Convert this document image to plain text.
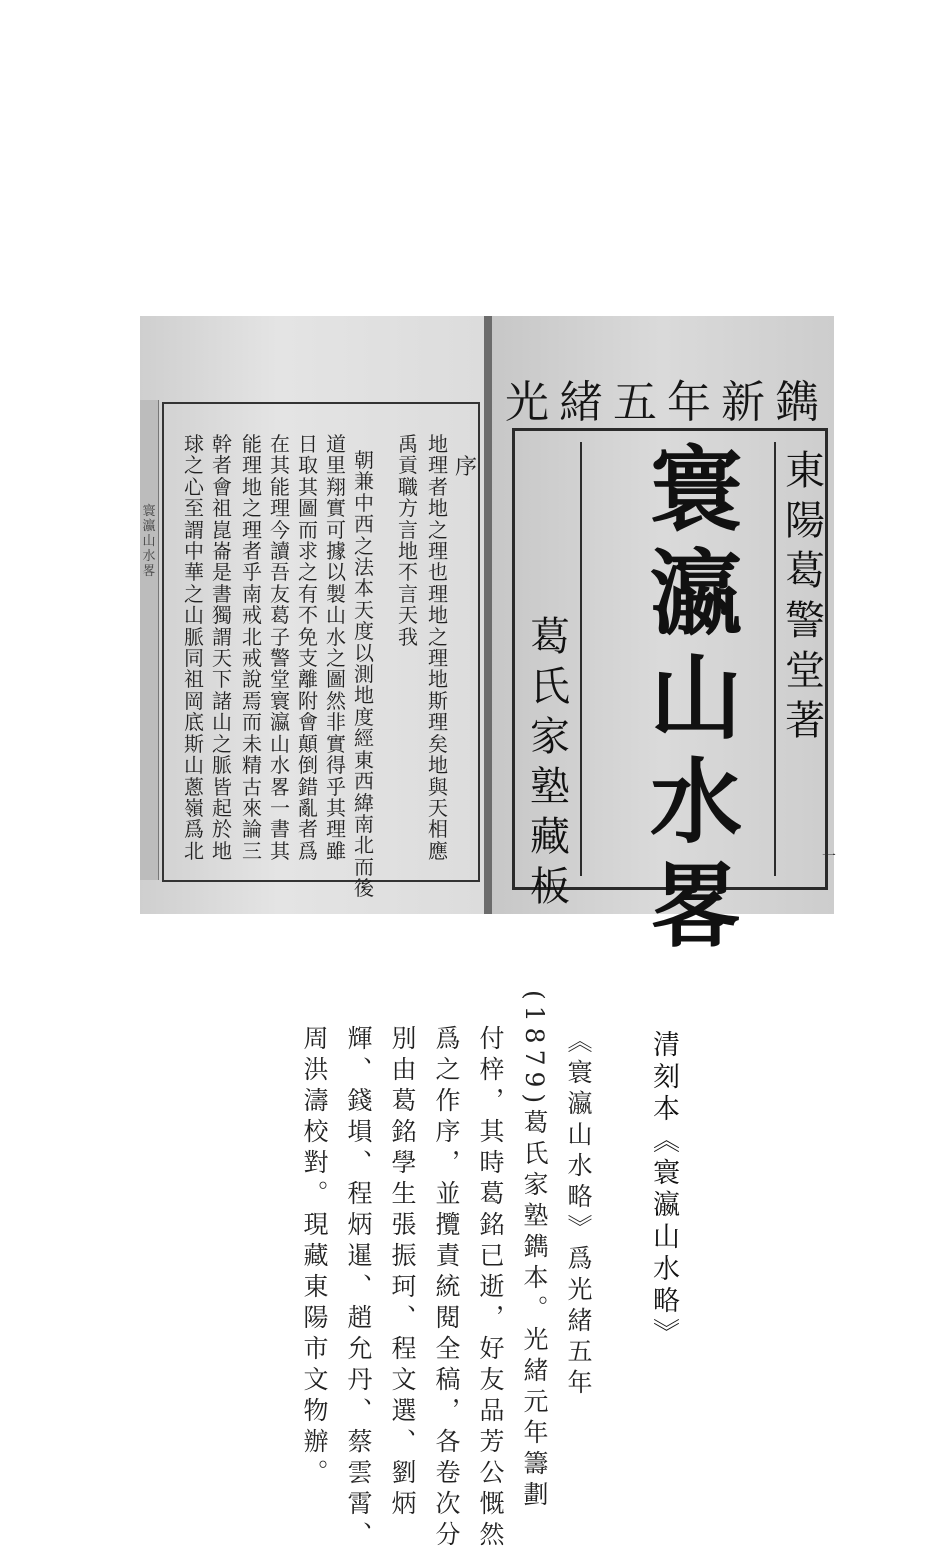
寰瀛山水畧
序
地理者地之理也理地之理地斯理矣地與天相應
禹貢職方言地不言天我
朝兼中西之法本天度以測地度經東西緯南北而後
道里翔實可據以製山水之圖然非實得乎其理雖
日取其圖而求之有不免支離附會顛倒錯亂者爲
在其能理今讀吾友葛子警堂寰瀛山水畧一書其
能理地之理者乎南戒北戒說焉而未精古來論三
幹者會祖崑崙是書獨謂天下諸山之脈皆起於地
球之心至謂中華之山脈同祖岡底斯山蔥嶺爲北
光緒五年新鐫
東陽葛警堂著
寰瀛山水畧
葛氏家塾藏板
一
清刻本《寰瀛山水略》
《寰瀛山水略》爲光緒五年
(1879)葛氏家塾鐫本。光緒元年籌劃
付梓，其時葛銘已逝，好友品芳公慨然
爲之作序，並攬責統閱全稿，各卷次分
別由葛銘學生張振珂、程文選、劉炳
輝、錢塤、程炳暹、趙允丹、蔡雲霄、
周洪濤校對。現藏東陽市文物辦。
